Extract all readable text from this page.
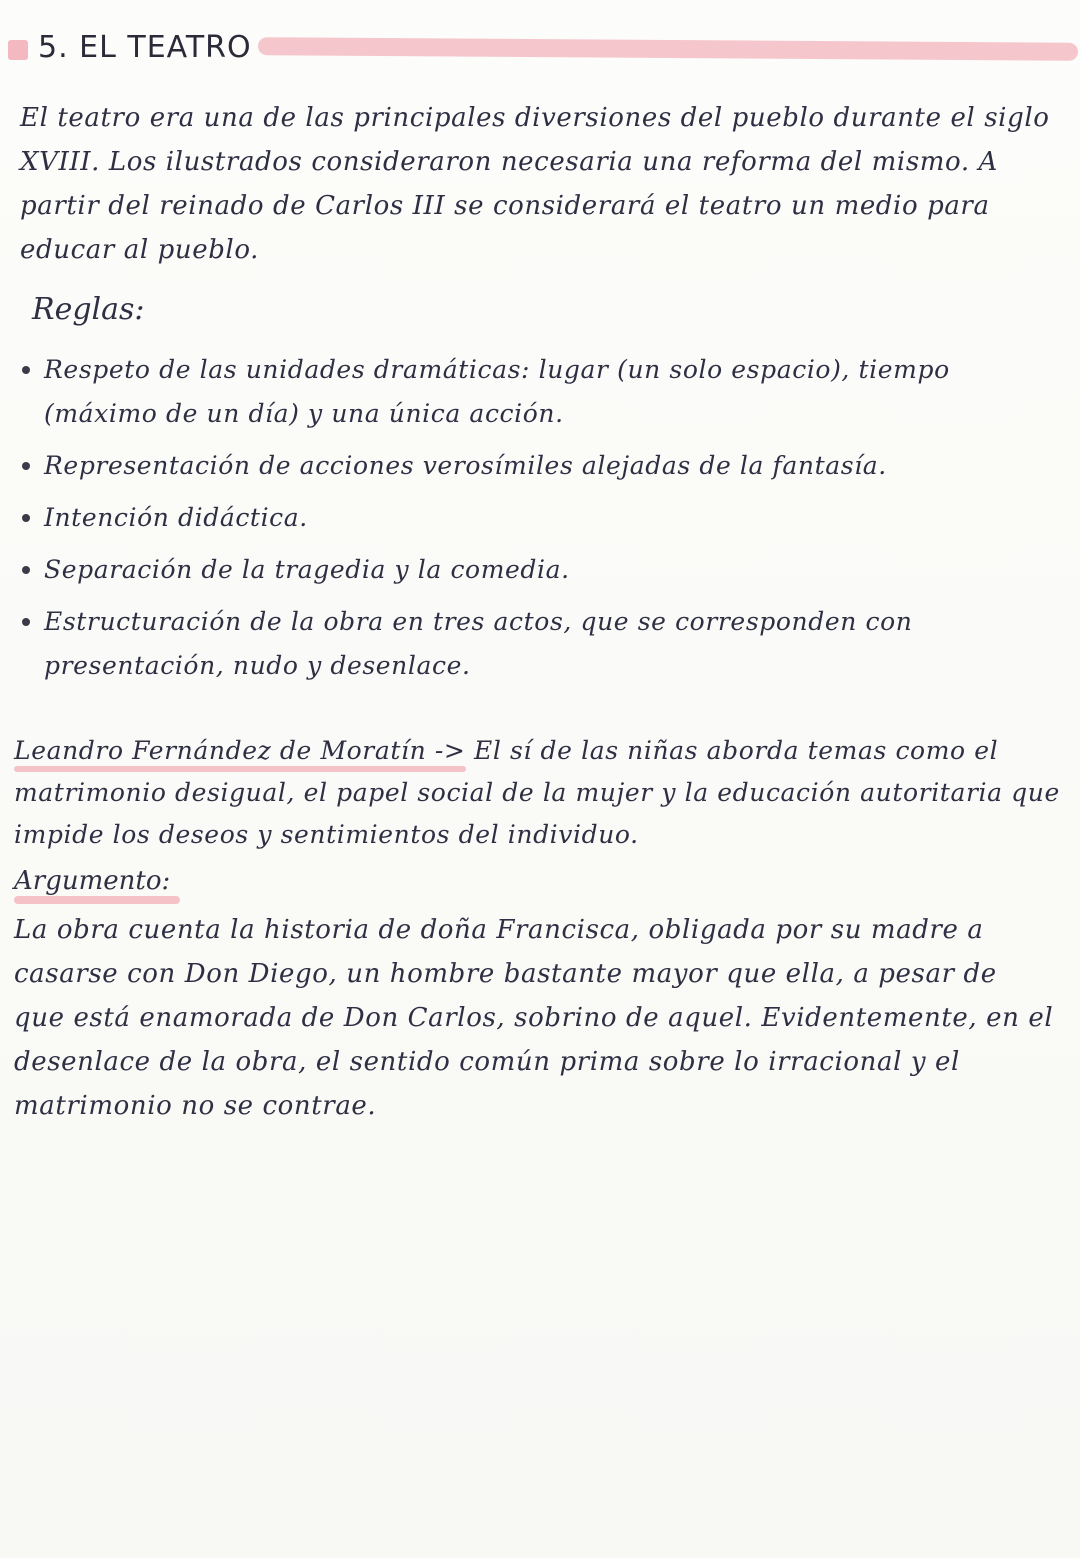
5. EL TEATRO
El teatro era una de las principales diversiones del pueblo durante el siglo XVIII. Los ilustrados consideraron necesaria una reforma del mismo. A partir del reinado de Carlos III se considerará el teatro un medio para educar al pueblo.
Reglas:
Respeto de las unidades dramáticas: lugar (un solo espacio), tiempo (máximo de un día) y una única acción.
Representación de acciones verosímiles alejadas de la fantasía.
Intención didáctica.
Separación de la tragedia y la comedia.
Estructuración de la obra en tres actos, que se corresponden con presentación, nudo y desenlace.
Leandro Fernández de Moratín -> El sí de las niñas aborda temas como el matrimonio desigual, el papel social de la mujer y la educación autoritaria que impide los deseos y sentimientos del individuo.
Argumento:
La obra cuenta la historia de doña Francisca, obligada por su madre a casarse con Don Diego, un hombre bastante mayor que ella, a pesar de que está enamorada de Don Carlos, sobrino de aquel. Evidentemente, en el desenlace de la obra, el sentido común prima sobre lo irracional y el matrimonio no se contrae.
